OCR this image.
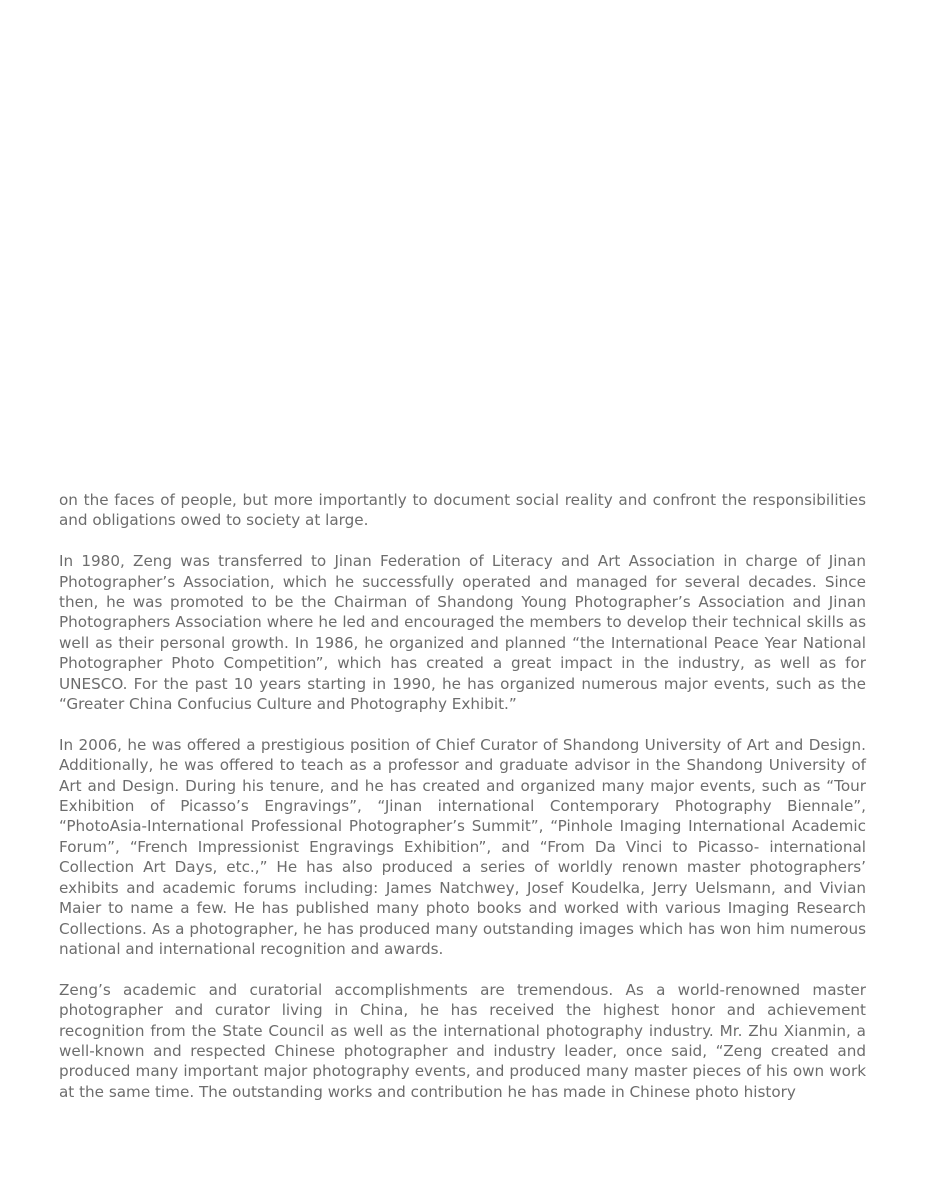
on the faces of people, but more importantly to document social reality and confront the responsibilities and obligations owed to society at large.

In 1980, Zeng was transferred to Jinan Federation of Literacy and Art Association in charge of Jinan Photographer’s Association, which he successfully operated and managed for several decades. Since then, he was promoted to be the Chairman of Shandong Young Photographer’s Association and Jinan Photographers Association where he led and encouraged the members to develop their technical skills as well as their personal growth. In 1986, he organized and planned “the International Peace Year National Photographer Photo Competition”, which has created a great impact in the industry, as well as for UNESCO. For the past 10 years starting in 1990, he has organized numerous major events, such as the “Greater China Confucius Culture and Photography Exhibit.”

In 2006, he was offered a prestigious position of Chief Curator of Shandong University of Art and Design. Additionally, he was offered to teach as a professor and graduate advisor in the Shandong University of Art and Design. During his tenure, and he has created and organized many major events, such as “Tour Exhibition of Picasso’s Engravings”, “Jinan international Contemporary Photography Biennale”, “PhotoAsia-International Professional Photographer’s Summit”, “Pinhole Imaging International Academic Forum”, “French Impressionist Engravings Exhibition”, and “From Da Vinci to Picasso- international Collection Art Days, etc.,” He has also produced a series of worldly renown master photographers’ exhibits and academic forums including: James Natchwey, Josef Koudelka, Jerry Uelsmann, and Vivian Maier to name a few. He has published many photo books and worked with various Imaging Research Collections. As a photographer, he has produced many outstanding images which has won him numerous national and international recognition and awards.

Zeng’s academic and curatorial accomplishments are tremendous. As a world-renowned master photographer and curator living in China, he has received the highest honor and achievement recognition from the State Council as well as the international photography industry. Mr. Zhu Xianmin, a well-known and respected Chinese photographer and industry leader, once said, “Zeng created and produced many important major photography events, and produced many master pieces of his own work at the same time. The outstanding works and contribution he has made in Chinese photo history
